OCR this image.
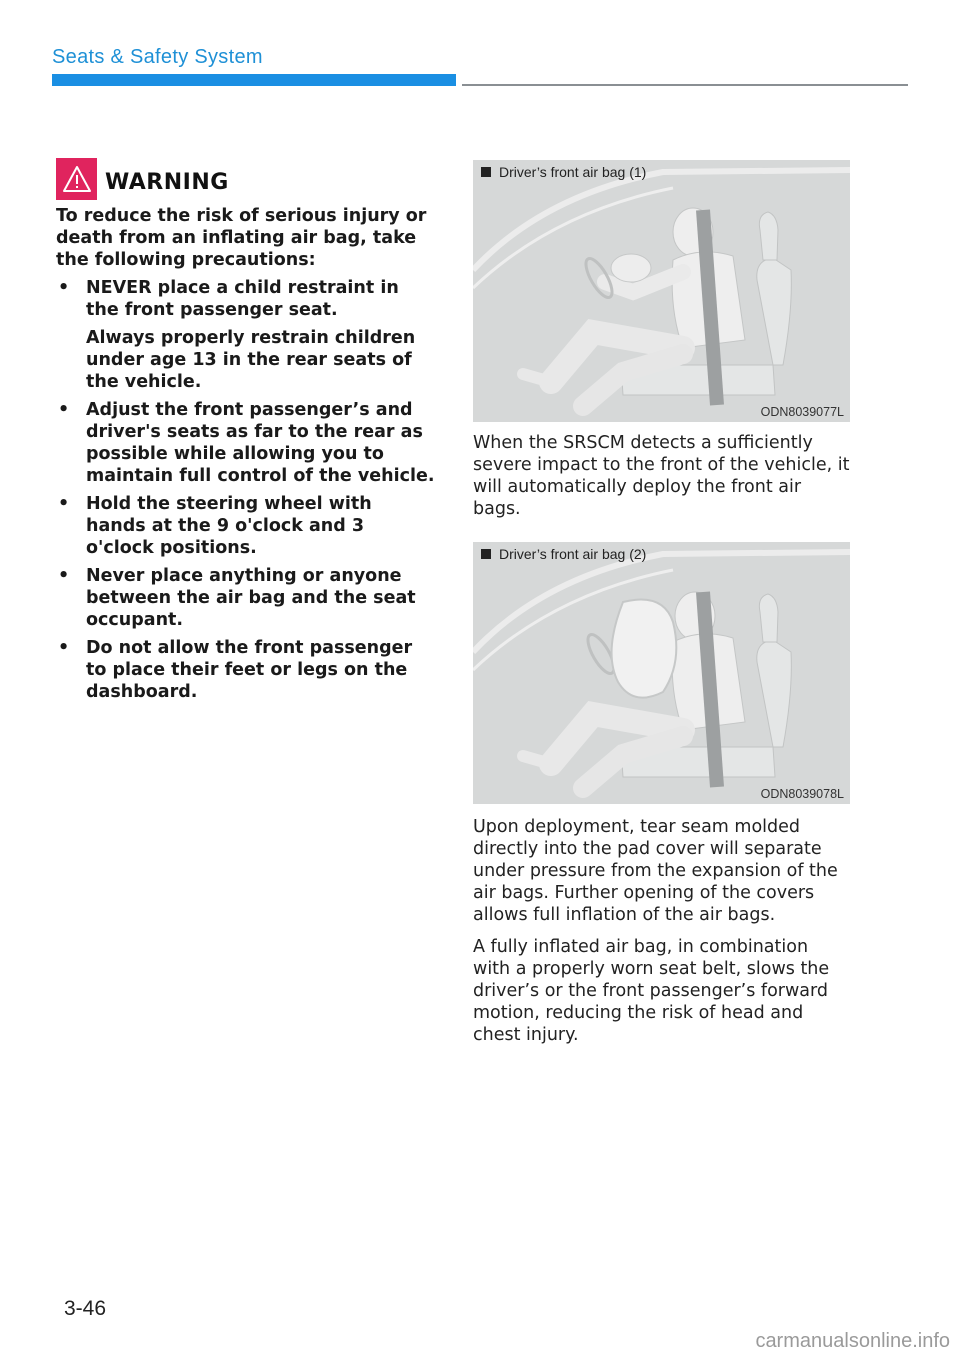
Seats & Safety System
WARNING
To reduce the risk of serious injury or death from an inflating air bag, take the following precautions:
• NEVER place a child restraint in the front passenger seat.
Always properly restrain children under age 13 in the rear seats of the vehicle.
• Adjust the front passenger’s and driver's seats as far to the rear as possible while allowing you to maintain full control of the vehicle.
• Hold the steering wheel with hands at the 9 o'clock and 3 o'clock positions.
• Never place anything or anyone between the air bag and the seat occupant.
• Do not allow the front passenger to place their feet or legs on the dashboard.
Driver’s front air bag (1)
ODN8039077L

When the SRSCM detects a sufficiently severe impact to the front of the vehicle, it will automatically deploy the front air bags.

Driver’s front air bag (2)
ODN8039078L

Upon deployment, tear seam molded directly into the pad cover will separate under pressure from the expansion of the air bags. Further opening of the covers allows full inflation of the air bags.

A fully inflated air bag, in combination with a properly worn seat belt, slows the driver’s or the front passenger’s forward motion, reducing the risk of head and chest injury.

3-46
carmanualsonline.info
